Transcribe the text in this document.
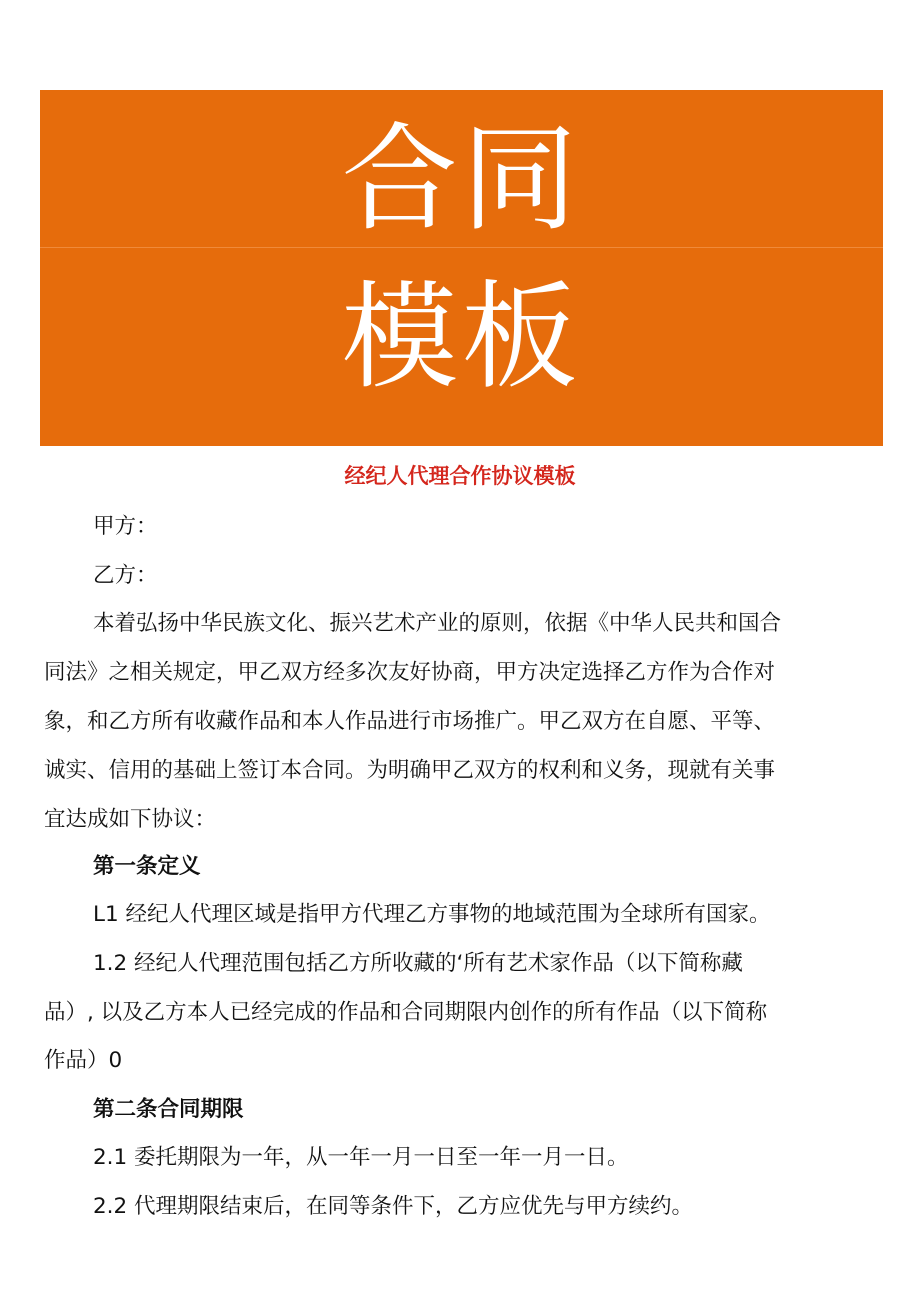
合同
模板
经纪人代理合作协议模板
甲方：
乙方：
本着弘扬中华民族文化、振兴艺术产业的原则，依据《中华人民共和国合
同法》之相关规定，甲乙双方经多次友好协商，甲方决定选择乙方作为合作对
象，和乙方所有收藏作品和本人作品进行市场推广。甲乙双方在自愿、平等、
诚实、信用的基础上签订本合同。为明确甲乙双方的权利和义务，现就有关事
宜达成如下协议：
第一条定义
L1 经纪人代理区域是指甲方代理乙方事物的地域范围为全球所有国家。
1.2 经纪人代理范围包括乙方所收藏的‘所有艺术家作品（以下简称藏
品）, 以及乙方本人已经完成的作品和合同期限内创作的所有作品（以下简称
作品）0
第二条合同期限
2.1 委托期限为一年，从一年一月一日至一年一月一日。
2.2 代理期限结束后，在同等条件下，乙方应优先与甲方续约。
